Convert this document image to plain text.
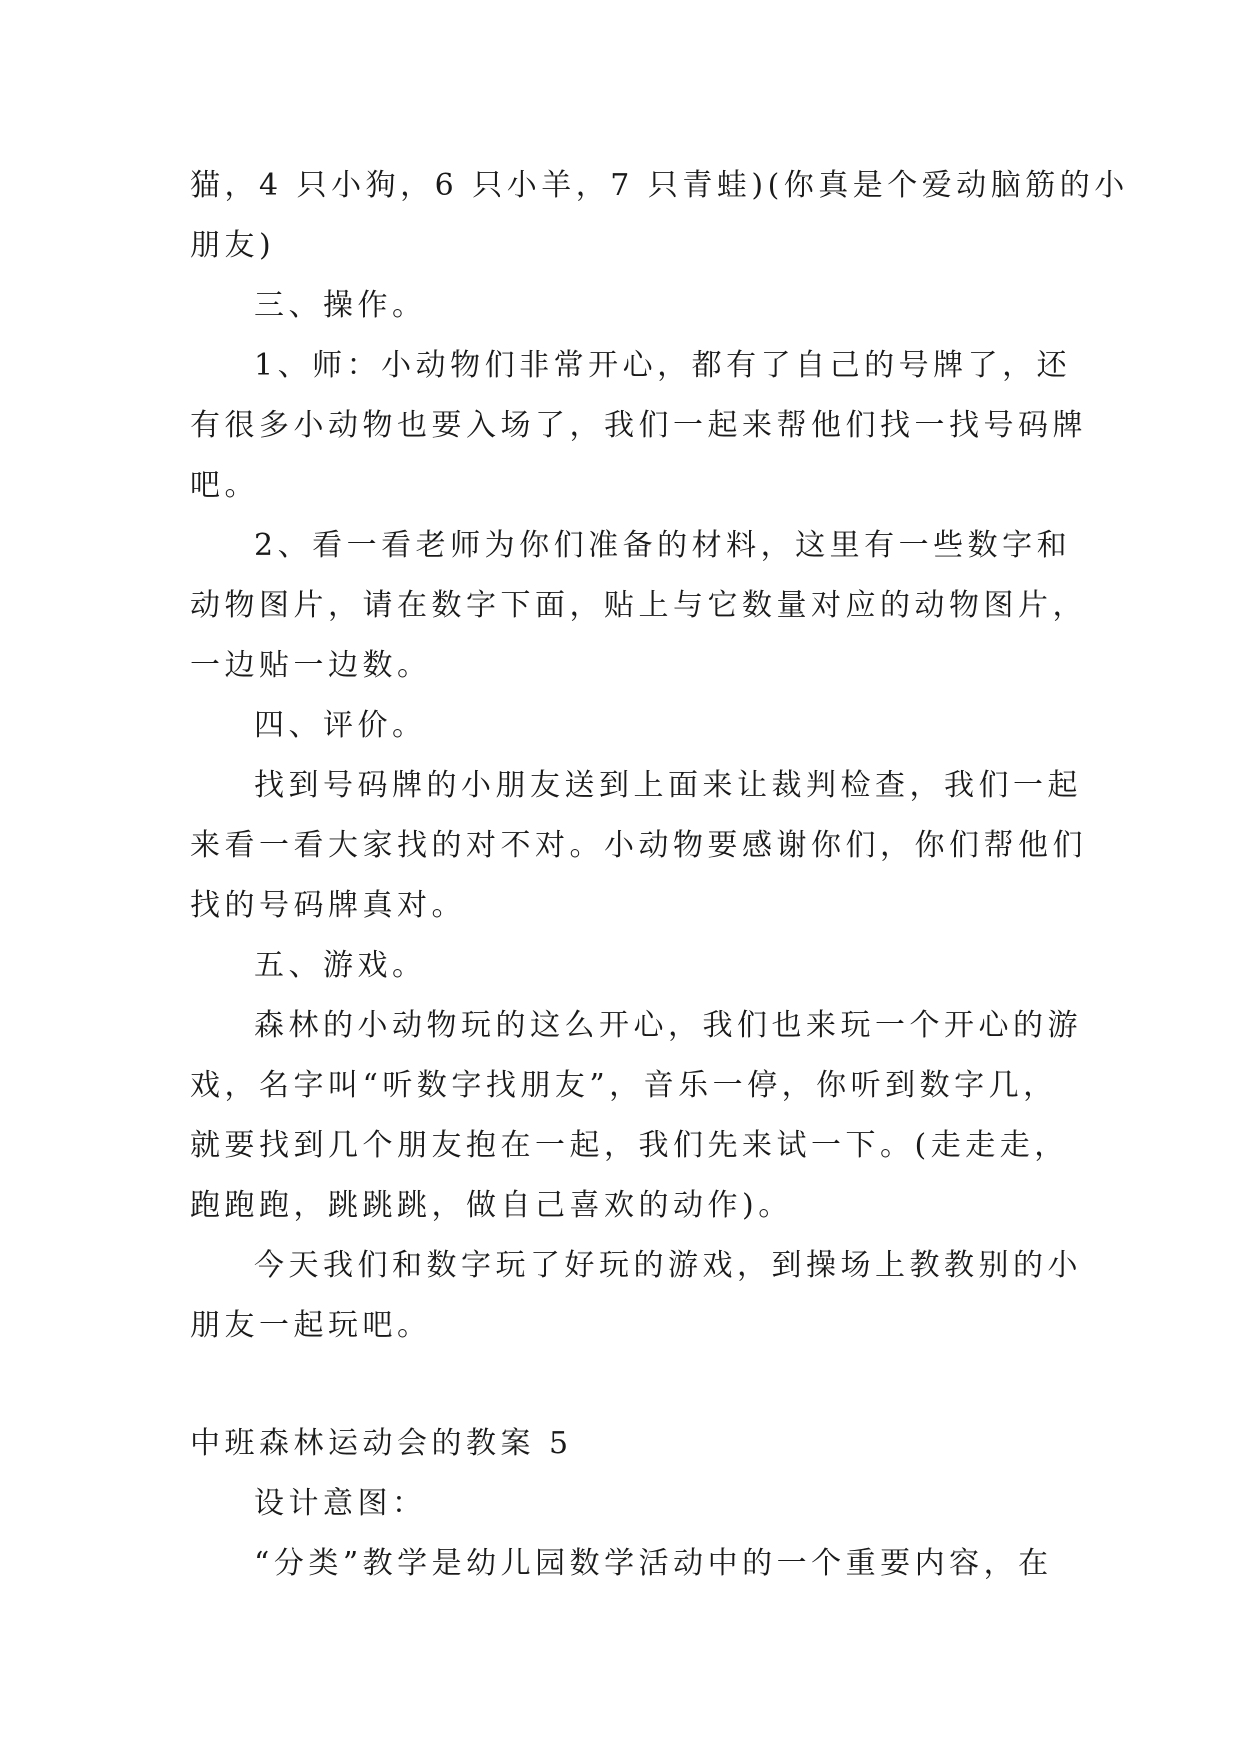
猫，4 只小狗，6 只小羊，7 只青蛙)(你真是个爱动脑筋的小

朋友)

三、操作。

1、师：小动物们非常开心，都有了自己的号牌了，还

有很多小动物也要入场了，我们一起来帮他们找一找号码牌

吧。

2、看一看老师为你们准备的材料，这里有一些数字和

动物图片，请在数字下面，贴上与它数量对应的动物图片，

一边贴一边数。

四、评价。

找到号码牌的小朋友送到上面来让裁判检查，我们一起

来看一看大家找的对不对。小动物要感谢你们，你们帮他们

找的号码牌真对。

五、游戏。

森林的小动物玩的这么开心，我们也来玩一个开心的游

戏，名字叫“听数字找朋友”，音乐一停，你听到数字几，

就要找到几个朋友抱在一起，我们先来试一下。(走走走，

跑跑跑，跳跳跳，做自己喜欢的动作)。

今天我们和数字玩了好玩的游戏，到操场上教教别的小

朋友一起玩吧。

中班森林运动会的教案 5

设计意图：

“分类”教学是幼儿园数学活动中的一个重要内容，在
